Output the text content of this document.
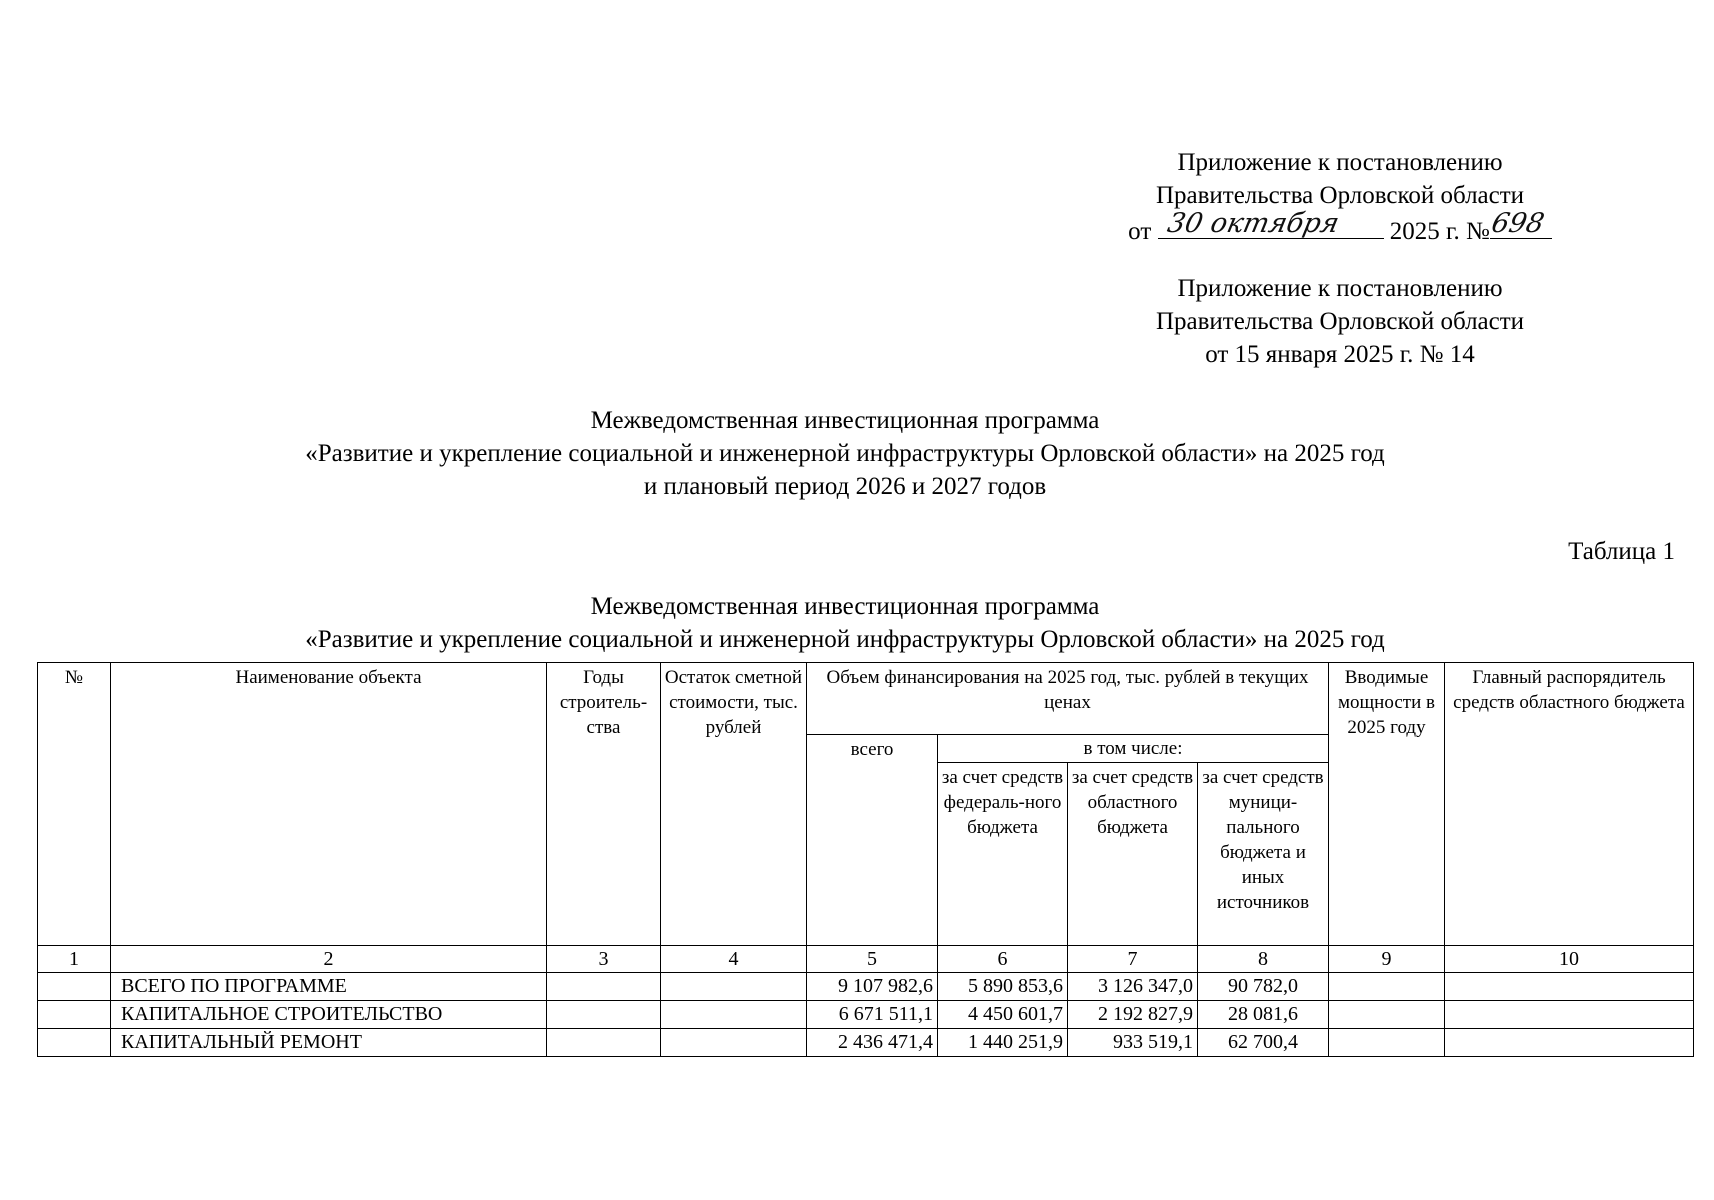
Приложение к постановлению
Правительства Орловской области
от 30 октября 2025 г. №
698
Приложение к постановлению
Правительства Орловской области
от 15 января 2025 г. № 14
Межведомственная инвестиционная программа
«Развитие и укрепление социальной и инженерной инфраструктуры Орловской области» на 2025 год
и плановый период 2026 и 2027 годов
Таблица 1
Межведомственная инвестиционная программа
«Развитие и укрепление социальной и инженерной инфраструктуры Орловской области» на 2025 год
№	Наименование объекта	Годы строитель-ства	Остаток сметной стоимости, тыс. рублей	Объем финансирования на 2025 год, тыс. рублей в текущих ценах				Вводимые мощности в 2025 году	Главный распорядитель средств областного бюджета
				всего	в том числе:				
					за счет средств федераль-ного бюджета	за счет средств областного бюджета	за счет средств муници-пального бюджета и иных источников		
1	2	3	4	5	6	7	8	9	10
	ВСЕГО ПО ПРОГРАММЕ			9 107 982,6	5 890 853,6	3 126 347,0	90 782,0		
	КАПИТАЛЬНОЕ СТРОИТЕЛЬСТВО			6 671 511,1	4 450 601,7	2 192 827,9	28 081,6		
	КАПИТАЛЬНЫЙ РЕМОНТ			2 436 471,4	1 440 251,9	933 519,1	62 700,4		
